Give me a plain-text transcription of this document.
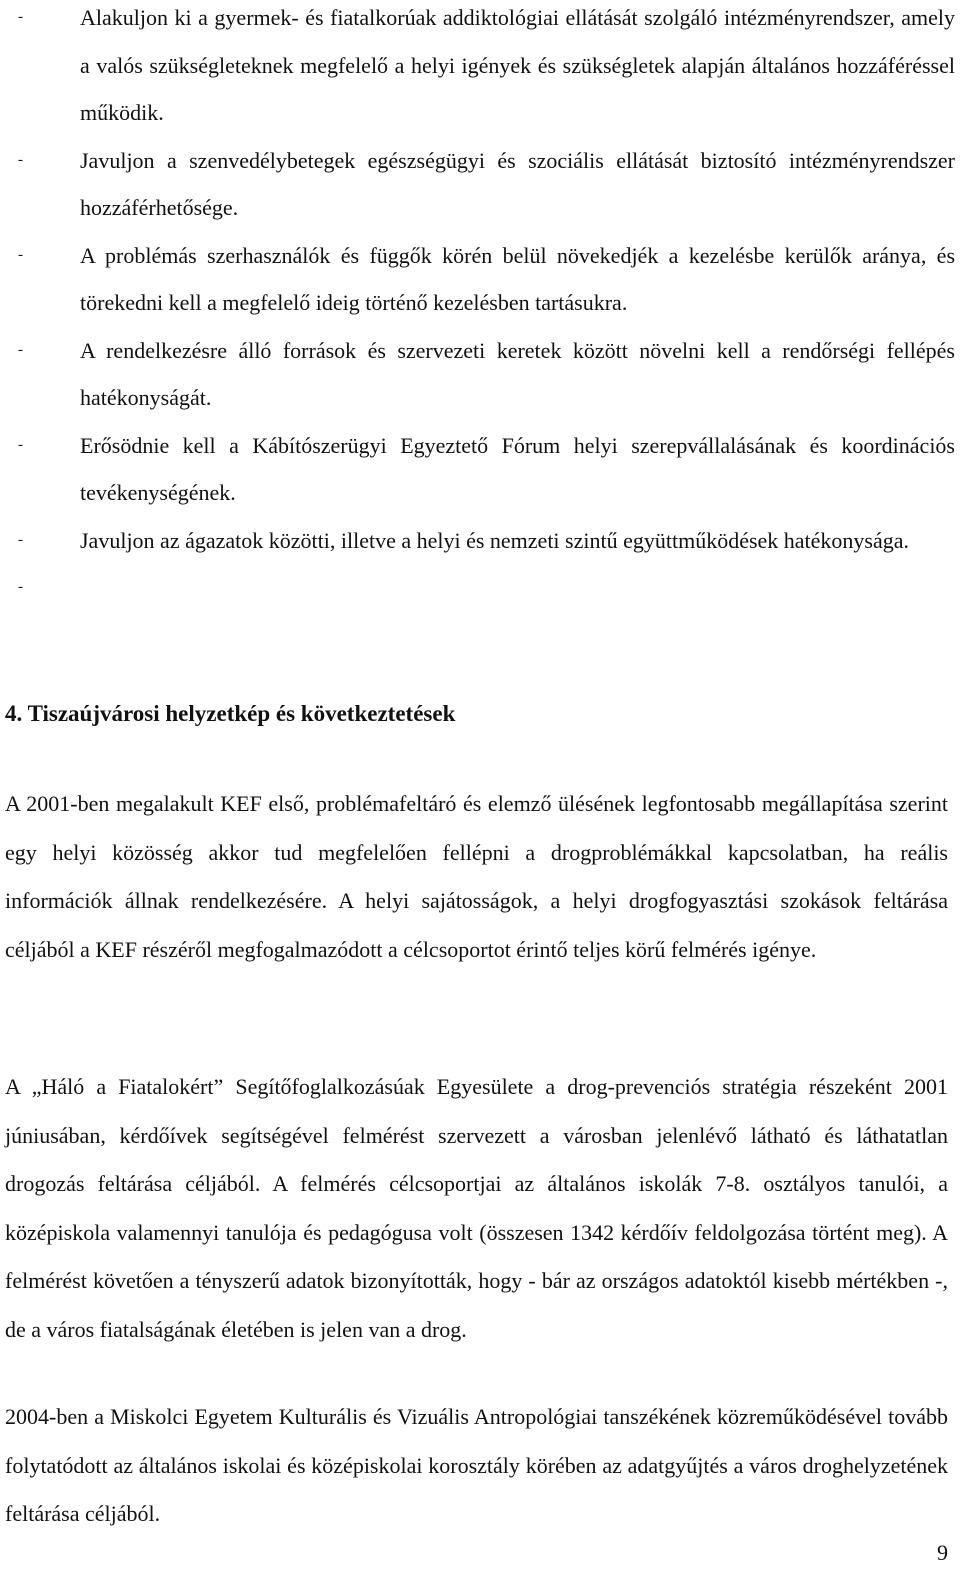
-	Alakuljon ki a gyermek- és fiatalkorúak addiktológiai ellátását szolgáló intézményrendszer, amely a valós szükségleteknek megfelelő a helyi igények és szükségletek alapján általános hozzáféréssel működik.
-	Javuljon a szenvedélybetegek egészségügyi és szociális ellátását biztosító intézményrendszer hozzáférhetősége.
-	A problémás szerhasználók és függők körén belül növekedjék a kezelésbe kerülők aránya, és törekedni kell a megfelelő ideig történő kezelésben tartásukra.
-	A rendelkezésre álló források és szervezeti keretek között növelni kell a rendőrségi fellépés hatékonyságát.
-	Erősödnie kell a Kábítószerügyi Egyeztető Fórum helyi szerepvállalásának és koordinációs tevékenységének.
-	Javuljon az ágazatok közötti, illetve a helyi és nemzeti szintű együttműködések hatékonysága.
-

4. Tiszaújvárosi helyzetkép és következtetések

A 2001-ben megalakult KEF első, problémafeltáró és elemző ülésének legfontosabb megállapítása szerint egy helyi közösség akkor tud megfelelően fellépni a drogproblémákkal kapcsolatban, ha reális információk állnak rendelkezésére. A helyi sajátosságok, a helyi drogfogyasztási szokások feltárása céljából a KEF részéről megfogalmazódott a célcsoportot érintő teljes körű felmérés igénye.

A „Háló a Fiatalokért” Segítőfoglalkozásúak Egyesülete a drog-prevenciós stratégia részeként 2001 júniusában, kérdőívek segítségével felmérést szervezett a városban jelenlévő látható és láthatatlan drogozás feltárása céljából. A felmérés célcsoportjai az általános iskolák 7-8. osztályos tanulói, a középiskola valamennyi tanulója és pedagógusa volt (összesen 1342 kérdőív feldolgozása történt meg). A felmérést követően a tényszerű adatok bizonyították, hogy - bár az országos adatoktól kisebb mértékben -, de a város fiatalságának életében is jelen van a drog.

2004-ben a Miskolci Egyetem Kulturális és Vizuális Antropológiai tanszékének közreműködésével tovább folytatódott az általános iskolai és középiskolai korosztály körében az adatgyűjtés a város droghelyzetének feltárása céljából.

9
